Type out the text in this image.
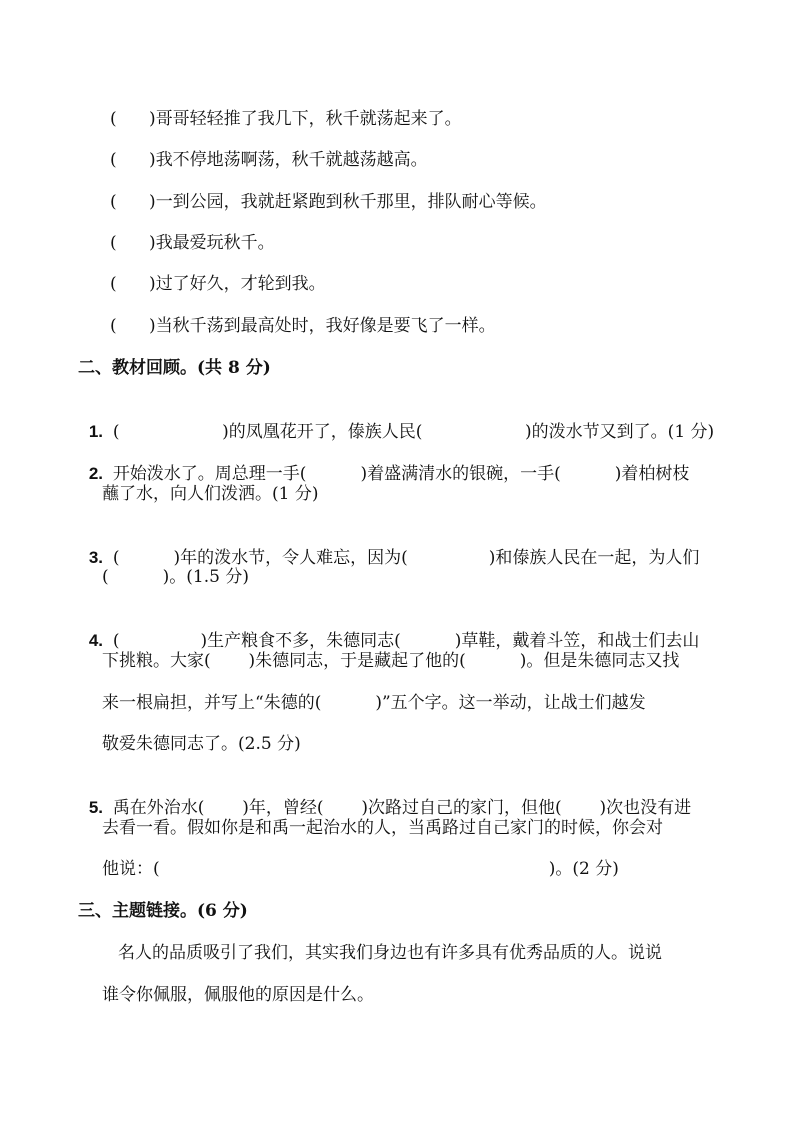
(      )哥哥轻轻推了我几下，秋千就荡起来了。
(      )我不停地荡啊荡，秋千就越荡越高。
(      )一到公园，我就赶紧跑到秋千那里，排队耐心等候。
(      )我最爱玩秋千。
(      )过了好久，才轮到我。
(      )当秋千荡到最高处时，我好像是要飞了一样。
二、教材回顾。(共 8 分)

1. (                   )的凤凰花开了，傣族人民(                   )的泼水节又到了。(1 分)

2. 开始泼水了。周总理一手(          )着盛满清水的银碗，一手(          )着柏树枝

蘸了水，向人们泼洒。(1 分)

3. (          )年的泼水节，令人难忘，因为(               )和傣族人民在一起，为人们

(          )。(1.5 分)

4. (               )生产粮食不多，朱德同志(          )草鞋，戴着斗笠，和战士们去山

下挑粮。大家(       )朱德同志，于是藏起了他的(          )。但是朱德同志又找
来一根扁担，并写上“朱德的(          )”五个字。这一举动，让战士们越发
敬爱朱德同志了。(2.5 分)

5. 禹在外治水(       )年，曾经(       )次路过自己的家门，但他(       )次也没有进

去看一看。假如你是和禹一起治水的人，当禹路过自己家门的时候，你会对
他说：(                                                                        )。(2 分)
三、主题链接。(6 分)
名人的品质吸引了我们，其实我们身边也有许多具有优秀品质的人。说说
谁令你佩服，佩服他的原因是什么。
